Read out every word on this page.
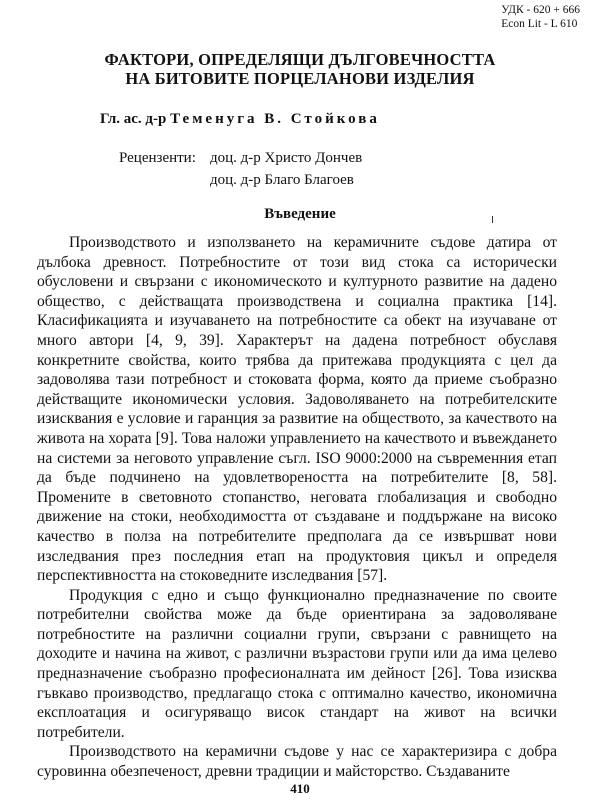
УДК - 620 + 666
Econ Lit - L 610
ФАКТОРИ, ОПРЕДЕЛЯЩИ ДЪЛГОВЕЧНОСТТА
НА БИТОВИТЕ ПОРЦЕЛАНОВИ ИЗДЕЛИЯ
Гл. ас. д-р Теменуга В. Стойкова
Рецензенти: доц. д-р Христо Дончев
доц. д-р Благо Благоев
Въведение

Производството и използването на керамичните съдове датира от дълбока древност. Потребностите от този вид стока са исторически обусловени и свързани с икономическото и културното развитие на дадено общество, с действащата производствена и социална практика [14]. Класификацията и изучаването на потребностите са обект на изучаване от много автори [4, 9, 39]. Характерът на дадена потребност обуславя конкретните свойства, които трябва да притежава продукцията с цел да задоволява тази потребност и стоковата форма, която да приеме съобразно действащите икономически условия. Задоволяването на потребителските изисквания е условие и гаранция за развитие на обществото, за качеството на живота на хората [9]. Това наложи управлението на качеството и въвеждането на системи за неговото управление съгл. ISO 9000:2000 на съвременния етап да бъде подчинено на удовлетвореността на потребителите [8, 58]. Промените в световното стопанство, неговата глобализация и свободно движение на стоки, необходимостта от създаване и поддържане на високо качество в полза на потребителите предполага да се извършват нови изследвания през последния етап на продуктовия цикъл и определя перспективността на стоковедните изследвания [57].

Продукция с едно и също функционално предназначение по своите потребителни свойства може да бъде ориентирана за задоволяване потребностите на различни социални групи, свързани с равнището на доходите и начина на живот, с различни възрастови групи или да има целево предназначение съобразно професионалната им дейност [26]. Това изисква гъвкаво производство, предлагащо стока с оптимално качество, икономична експлоатация и осигуряващо висок стандарт на живот на всички потребители.

Производството на керамични съдове у нас се характеризира с добра суровинна обезпеченост, древни традиции и майсторство. Създаваните

410
